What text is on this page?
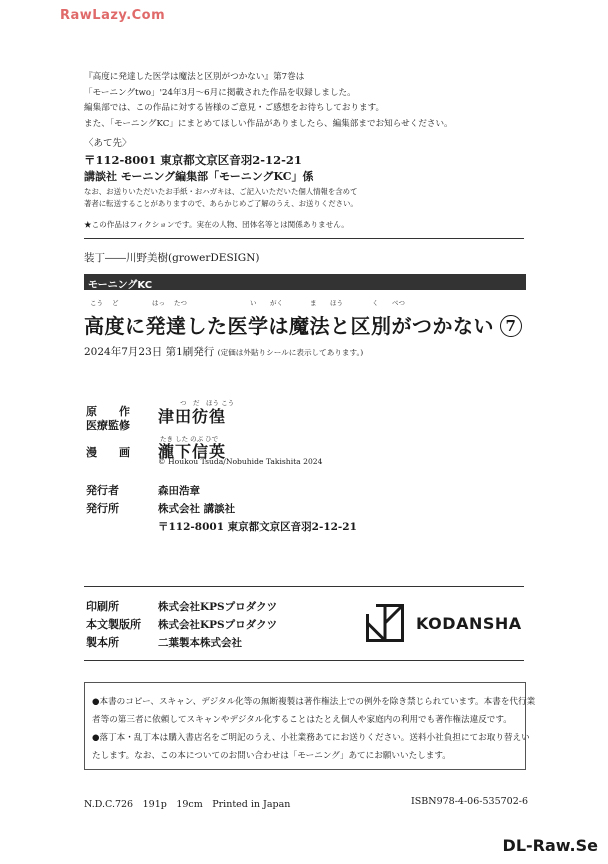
RawLazy.Com
DL-Raw.Se
『高度に発達した医学は魔法と区別がつかない』第7巻は
「モーニングtwo」'24年3月〜6月に掲載された作品を収録しました。
編集部では、この作品に対する皆様のご意見・ご感想をお待ちしております。
また、「モーニングKC」にまとめてほしい作品がありましたら、編集部までお知らせください。
〈あて先〉
〒112-8001 東京都文京区音羽2-12-21
講談社 モーニング編集部「モーニングKC」係
なお、お送りいただいたお手紙・おハガキは、ご記入いただいた個人情報を含めて
著者に転送することがありますので、あらかじめご了解のうえ、お送りください。
★この作品はフィクションです。実在の人物、団体名等とは関係ありません。
装丁――川野美樹(growerDESIGN)
モーニングKC
こう ど	はっ たつ	い がく	ま ほう	く べつ
高度に発達した医学は魔法と区別がつかない 7
2024年7月23日 第1刷発行 (定価は外貼りシールに表示してあります。)
つ　だ　ほう こう
原　　作
医療監修 津田彷徨
たき した のぶ ひで
漫　　画 瀧下信英
© Houkou Tsuda/Nobuhide Takishita 2024
発行者	森田浩章
発行所	株式会社 講談社
〒112-8001 東京都文京区音羽2-12-21
印刷所	株式会社KPSプロダクツ
本文製版所 株式会社KPSプロダクツ
製本所	二葉製本株式会社
KODANSHA

●本書のコピー、スキャン、デジタル化等の無断複製は著作権法上での例外を除き禁じられています。本書を代行業

者等の第三者に依頼してスキャンやデジタル化することはたとえ個人や家庭内の利用でも著作権法違反です。

●落丁本・乱丁本は購入書店名をご明記のうえ、小社業務あてにお送りください。送料小社負担にてお取り替えい

たします。なお、この本についてのお問い合わせは「モーニング」あてにお願いいたします。

N.D.C.726　191p　19cm　Printed in Japan	ISBN978-4-06-535702-6
